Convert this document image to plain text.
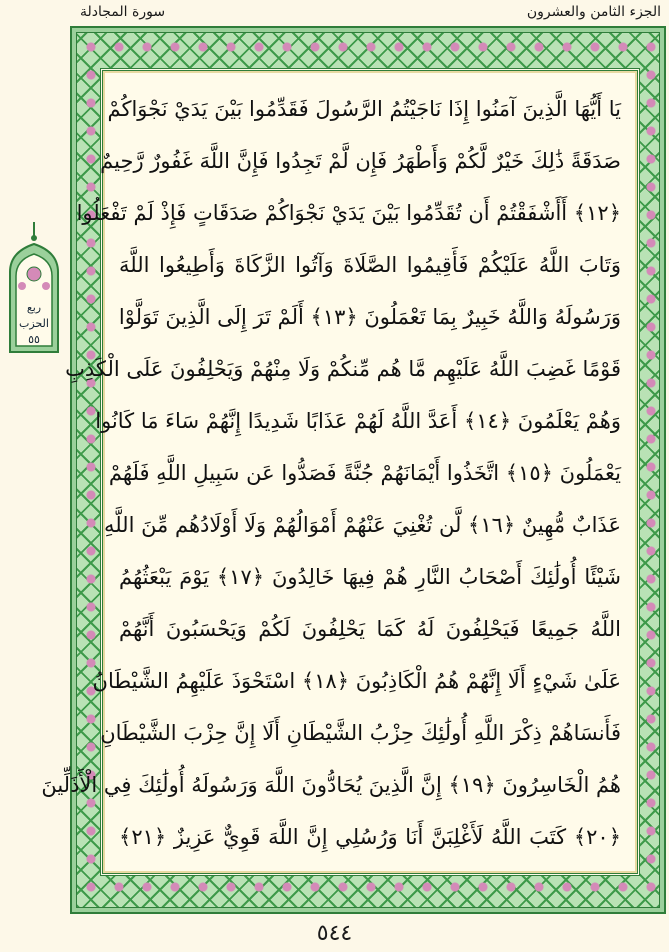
الجزء الثامن والعشرون
سورة المجادلة
ربع
الحزب
٥٥
يَا أَيُّهَا الَّذِينَ آمَنُوا إِذَا نَاجَيْتُمُ الرَّسُولَ فَقَدِّمُوا بَيْنَ يَدَيْ نَجْوَاكُمْ
صَدَقَةً ذَٰلِكَ خَيْرٌ لَّكُمْ وَأَطْهَرُ فَإِن لَّمْ تَجِدُوا فَإِنَّ اللَّهَ غَفُورٌ رَّحِيمٌ
﴿١٢﴾ أَأَشْفَقْتُمْ أَن تُقَدِّمُوا بَيْنَ يَدَيْ نَجْوَاكُمْ صَدَقَاتٍ فَإِذْ لَمْ تَفْعَلُوا
وَتَابَ اللَّهُ عَلَيْكُمْ فَأَقِيمُوا الصَّلَاةَ وَآتُوا الزَّكَاةَ وَأَطِيعُوا اللَّهَ
وَرَسُولَهُ وَاللَّهُ خَبِيرٌ بِمَا تَعْمَلُونَ ﴿١٣﴾ أَلَمْ تَرَ إِلَى الَّذِينَ تَوَلَّوْا
قَوْمًا غَضِبَ اللَّهُ عَلَيْهِم مَّا هُم مِّنكُمْ وَلَا مِنْهُمْ وَيَحْلِفُونَ عَلَى الْكَذِبِ
وَهُمْ يَعْلَمُونَ ﴿١٤﴾ أَعَدَّ اللَّهُ لَهُمْ عَذَابًا شَدِيدًا إِنَّهُمْ سَاءَ مَا كَانُوا
يَعْمَلُونَ ﴿١٥﴾ اتَّخَذُوا أَيْمَانَهُمْ جُنَّةً فَصَدُّوا عَن سَبِيلِ اللَّهِ فَلَهُمْ
عَذَابٌ مُّهِينٌ ﴿١٦﴾ لَّن تُغْنِيَ عَنْهُمْ أَمْوَالُهُمْ وَلَا أَوْلَادُهُم مِّنَ اللَّهِ
شَيْئًا أُولَٰئِكَ أَصْحَابُ النَّارِ هُمْ فِيهَا خَالِدُونَ ﴿١٧﴾ يَوْمَ يَبْعَثُهُمُ
اللَّهُ جَمِيعًا فَيَحْلِفُونَ لَهُ كَمَا يَحْلِفُونَ لَكُمْ وَيَحْسَبُونَ أَنَّهُمْ
عَلَىٰ شَيْءٍ أَلَا إِنَّهُمْ هُمُ الْكَاذِبُونَ ﴿١٨﴾ اسْتَحْوَذَ عَلَيْهِمُ الشَّيْطَانُ
فَأَنسَاهُمْ ذِكْرَ اللَّهِ أُولَٰئِكَ حِزْبُ الشَّيْطَانِ أَلَا إِنَّ حِزْبَ الشَّيْطَانِ
هُمُ الْخَاسِرُونَ ﴿١٩﴾ إِنَّ الَّذِينَ يُحَادُّونَ اللَّهَ وَرَسُولَهُ أُولَٰئِكَ فِي الْأَذَلِّينَ
﴿٢٠﴾ كَتَبَ اللَّهُ لَأَغْلِبَنَّ أَنَا وَرُسُلِي إِنَّ اللَّهَ قَوِيٌّ عَزِيزٌ ﴿٢١﴾
٥٤٤
